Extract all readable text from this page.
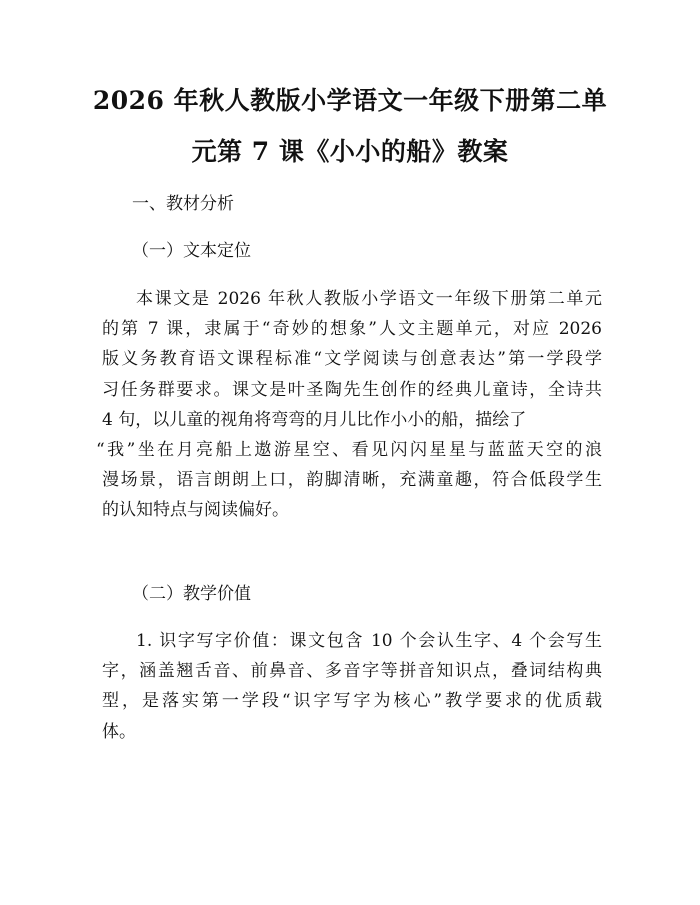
2026 年秋人教版小学语文一年级下册第二单
元第 7 课《小小的船》教案

一、教材分析

（一）文本定位

本课文是 2026 年秋人教版小学语文一年级下册第二单元
的第 7 课，隶属于“奇妙的想象”人文主题单元，对应 2026
版义务教育语文课程标准“文学阅读与创意表达”第一学段学
习任务群要求。课文是叶圣陶先生创作的经典儿童诗，全诗共
4 句，以儿童的视角将弯弯的月儿比作小小的船，描绘了
“我”坐在月亮船上遨游星空、看见闪闪星星与蓝蓝天空的浪
漫场景，语言朗朗上口，韵脚清晰，充满童趣，符合低段学生
的认知特点与阅读偏好。

（二）教学价值

1. 识字写字价值：课文包含 10 个会认生字、4 个会写生
字，涵盖翘舌音、前鼻音、多音字等拼音知识点，叠词结构典
型，是落实第一学段“识字写字为核心”教学要求的优质载
体。
